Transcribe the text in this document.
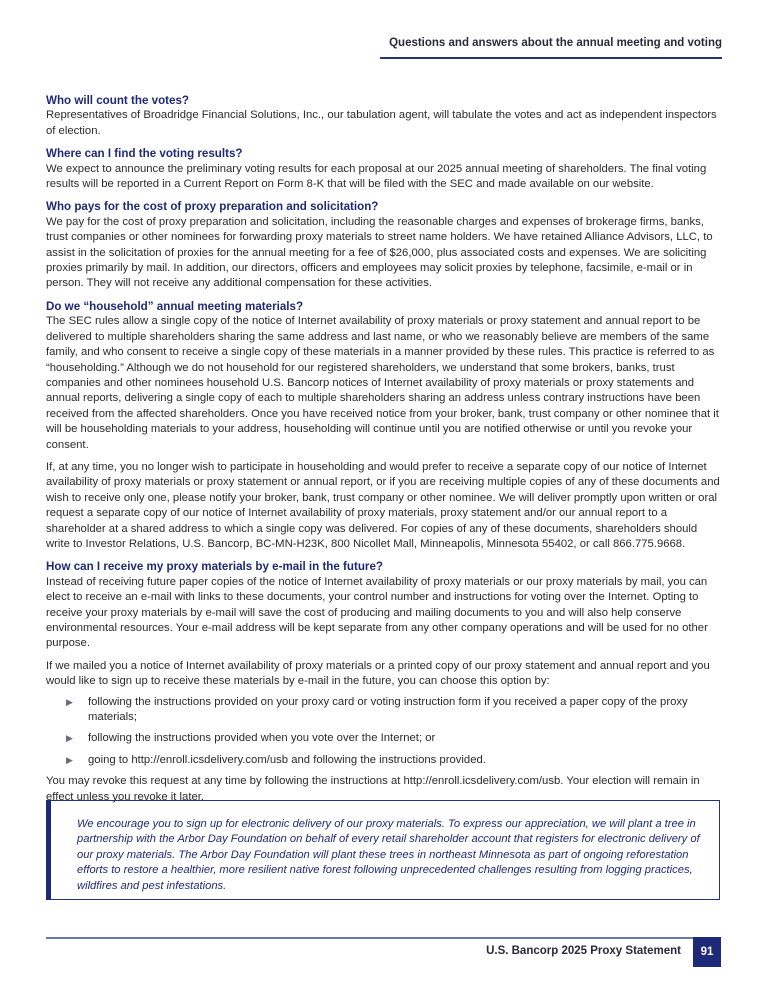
Questions and answers about the annual meeting and voting
Who will count the votes?

Representatives of Broadridge Financial Solutions, Inc., our tabulation agent, will tabulate the votes and act as independent inspectors of election.

Where can I find the voting results?

We expect to announce the preliminary voting results for each proposal at our 2025 annual meeting of shareholders. The final voting results will be reported in a Current Report on Form 8-K that will be filed with the SEC and made available on our website.

Who pays for the cost of proxy preparation and solicitation?

We pay for the cost of proxy preparation and solicitation, including the reasonable charges and expenses of brokerage firms, banks, trust companies or other nominees for forwarding proxy materials to street name holders. We have retained Alliance Advisors, LLC, to assist in the solicitation of proxies for the annual meeting for a fee of $26,000, plus associated costs and expenses. We are soliciting proxies primarily by mail. In addition, our directors, officers and employees may solicit proxies by telephone, facsimile, e-mail or in person. They will not receive any additional compensation for these activities.

Do we “household” annual meeting materials?

The SEC rules allow a single copy of the notice of Internet availability of proxy materials or proxy statement and annual report to be delivered to multiple shareholders sharing the same address and last name, or who we reasonably believe are members of the same family, and who consent to receive a single copy of these materials in a manner provided by these rules. This practice is referred to as “householding.” Although we do not household for our registered shareholders, we understand that some brokers, banks, trust companies and other nominees household U.S. Bancorp notices of Internet availability of proxy materials or proxy statements and annual reports, delivering a single copy of each to multiple shareholders sharing an address unless contrary instructions have been received from the affected shareholders. Once you have received notice from your broker, bank, trust company or other nominee that it will be householding materials to your address, householding will continue until you are notified otherwise or until you revoke your consent.

If, at any time, you no longer wish to participate in householding and would prefer to receive a separate copy of our notice of Internet availability of proxy materials or proxy statement or annual report, or if you are receiving multiple copies of any of these documents and wish to receive only one, please notify your broker, bank, trust company or other nominee. We will deliver promptly upon written or oral request a separate copy of our notice of Internet availability of proxy materials, proxy statement and/or our annual report to a shareholder at a shared address to which a single copy was delivered. For copies of any of these documents, shareholders should write to Investor Relations, U.S. Bancorp, BC-MN-H23K, 800 Nicollet Mall, Minneapolis, Minnesota 55402, or call 866.775.9668.

How can I receive my proxy materials by e-mail in the future?

Instead of receiving future paper copies of the notice of Internet availability of proxy materials or our proxy materials by mail, you can elect to receive an e-mail with links to these documents, your control number and instructions for voting over the Internet. Opting to receive your proxy materials by e-mail will save the cost of producing and mailing documents to you and will also help conserve environmental resources. Your e-mail address will be kept separate from any other company operations and will be used for no other purpose.

If we mailed you a notice of Internet availability of proxy materials or a printed copy of our proxy statement and annual report and you would like to sign up to receive these materials by e-mail in the future, you can choose this option by:

▶ following the instructions provided on your proxy card or voting instruction form if you received a paper copy of the proxy materials;
▶ following the instructions provided when you vote over the Internet; or
▶ going to http://enroll.icsdelivery.com/usb and following the instructions provided.

You may revoke this request at any time by following the instructions at http://enroll.icsdelivery.com/usb. Your election will remain in effect unless you revoke it later.

We encourage you to sign up for electronic delivery of our proxy materials. To express our appreciation, we will plant a tree in partnership with the Arbor Day Foundation on behalf of every retail shareholder account that registers for electronic delivery of our proxy materials. The Arbor Day Foundation will plant these trees in northeast Minnesota as part of ongoing reforestation efforts to restore a healthier, more resilient native forest following unprecedented challenges resulting from logging practices, wildfires and pest infestations.
U.S. Bancorp 2025 Proxy Statement 91
